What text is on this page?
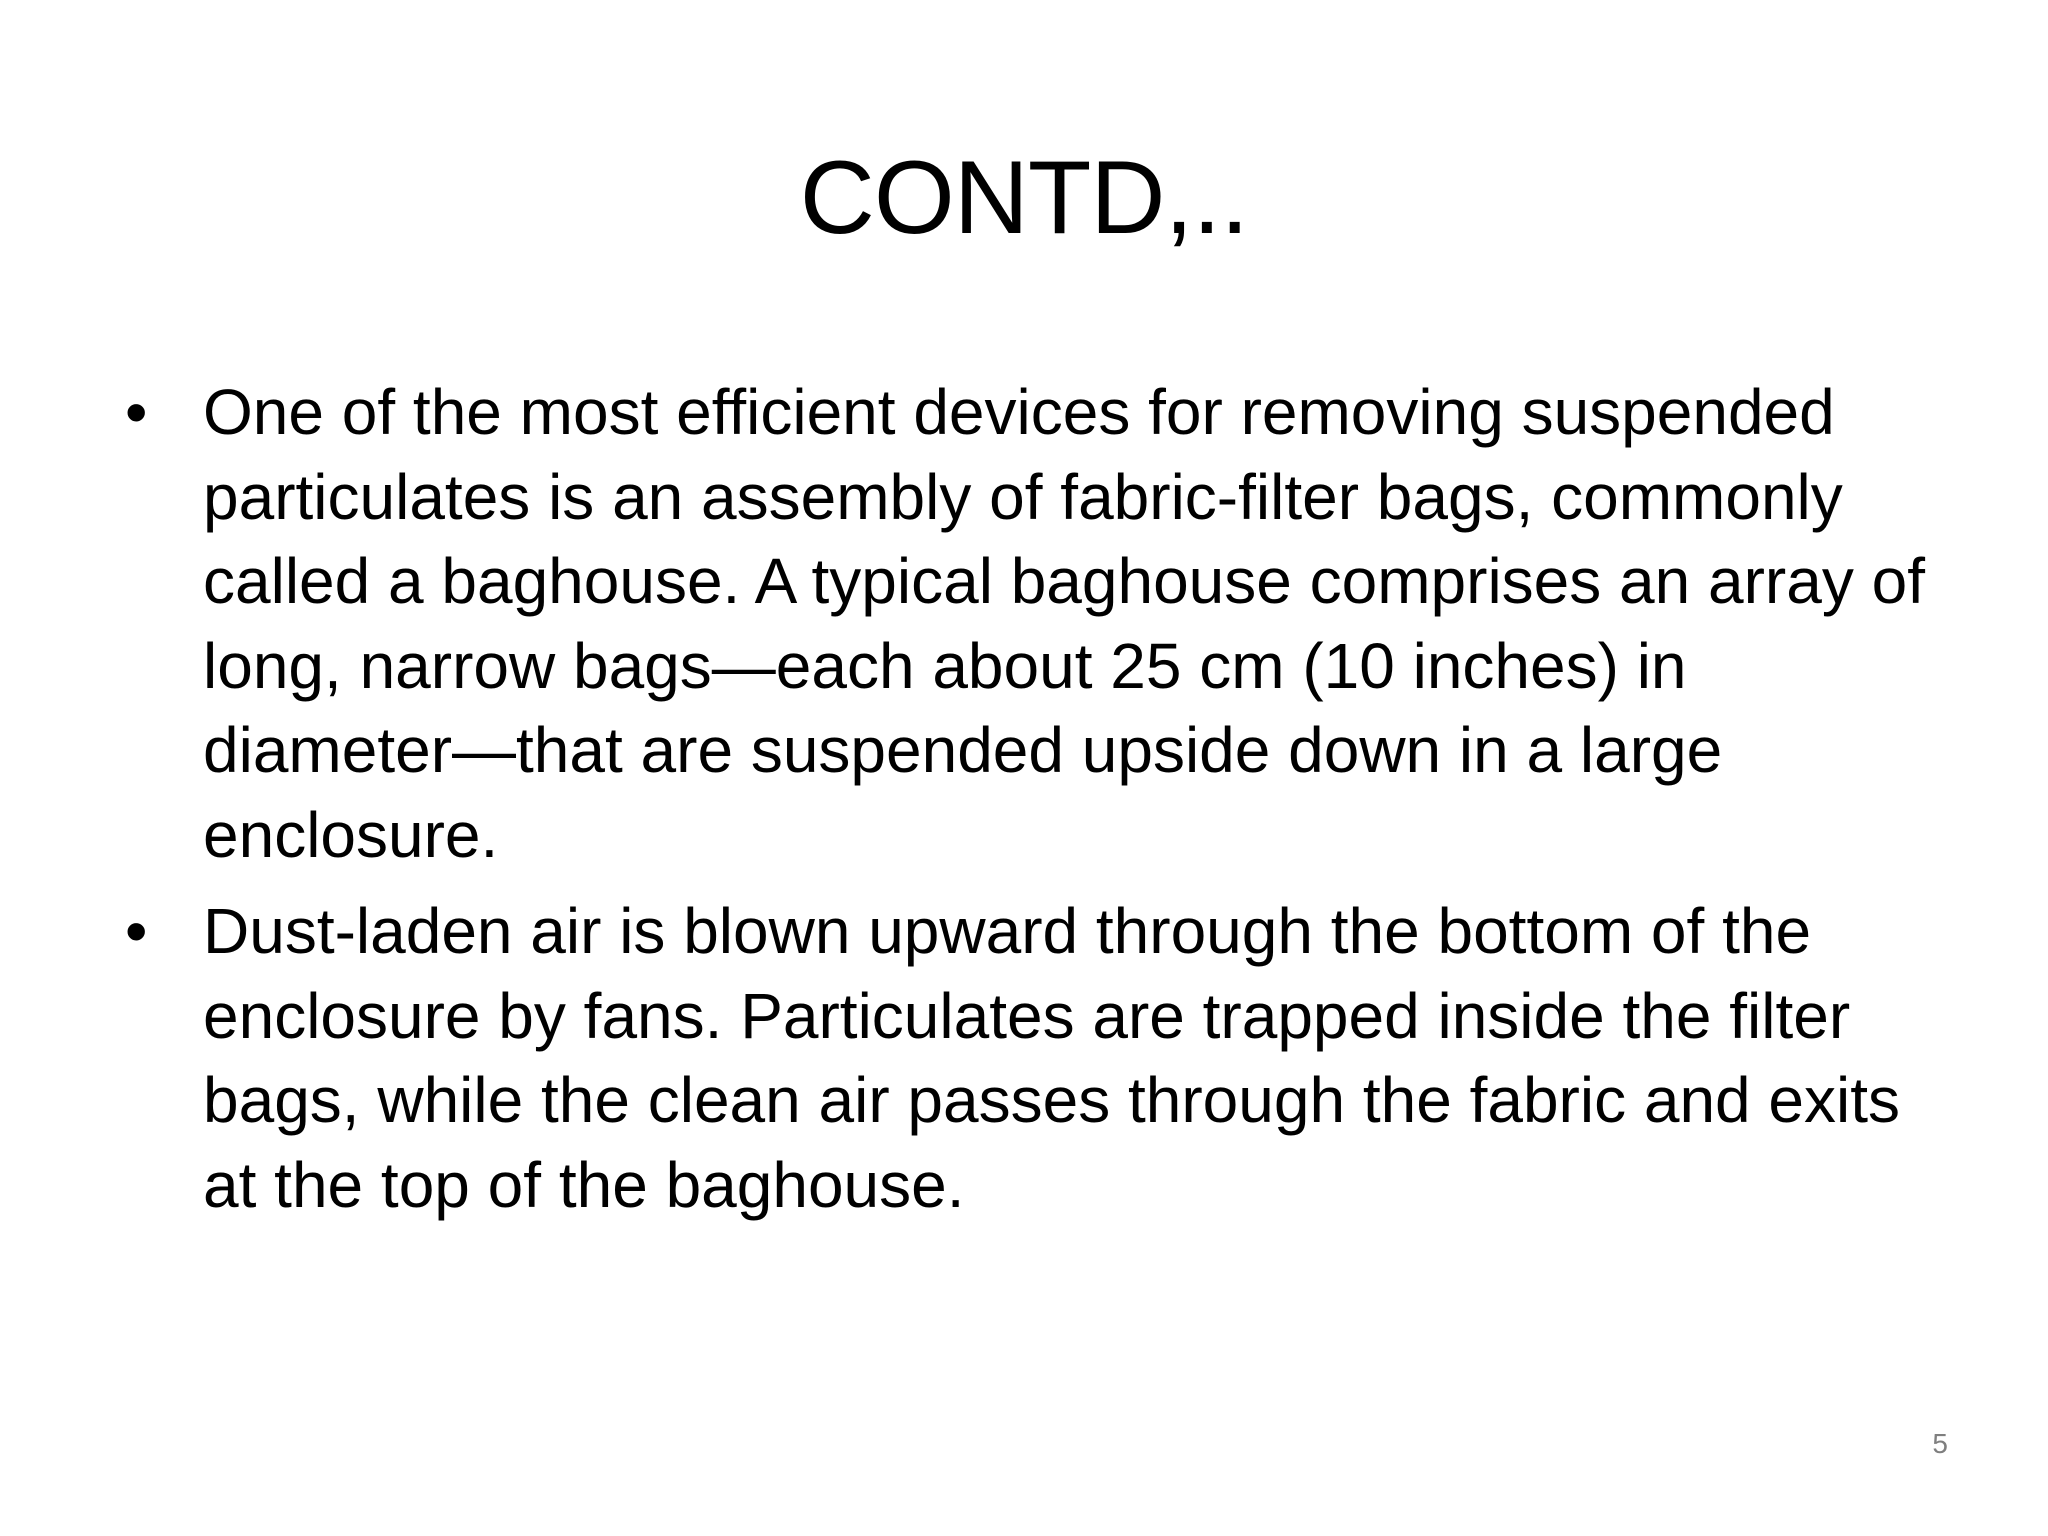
CONTD,..
• One of the most efficient devices for removing suspended particulates is an assembly of fabric-filter bags, commonly called a baghouse. A typical baghouse comprises an array of long, narrow bags—each about 25 cm (10 inches) in diameter—that are suspended upside down in a large enclosure.
• Dust-laden air is blown upward through the bottom of the enclosure by fans. Particulates are trapped inside the filter bags, while the clean air passes through the fabric and exits at the top of the baghouse.
5
